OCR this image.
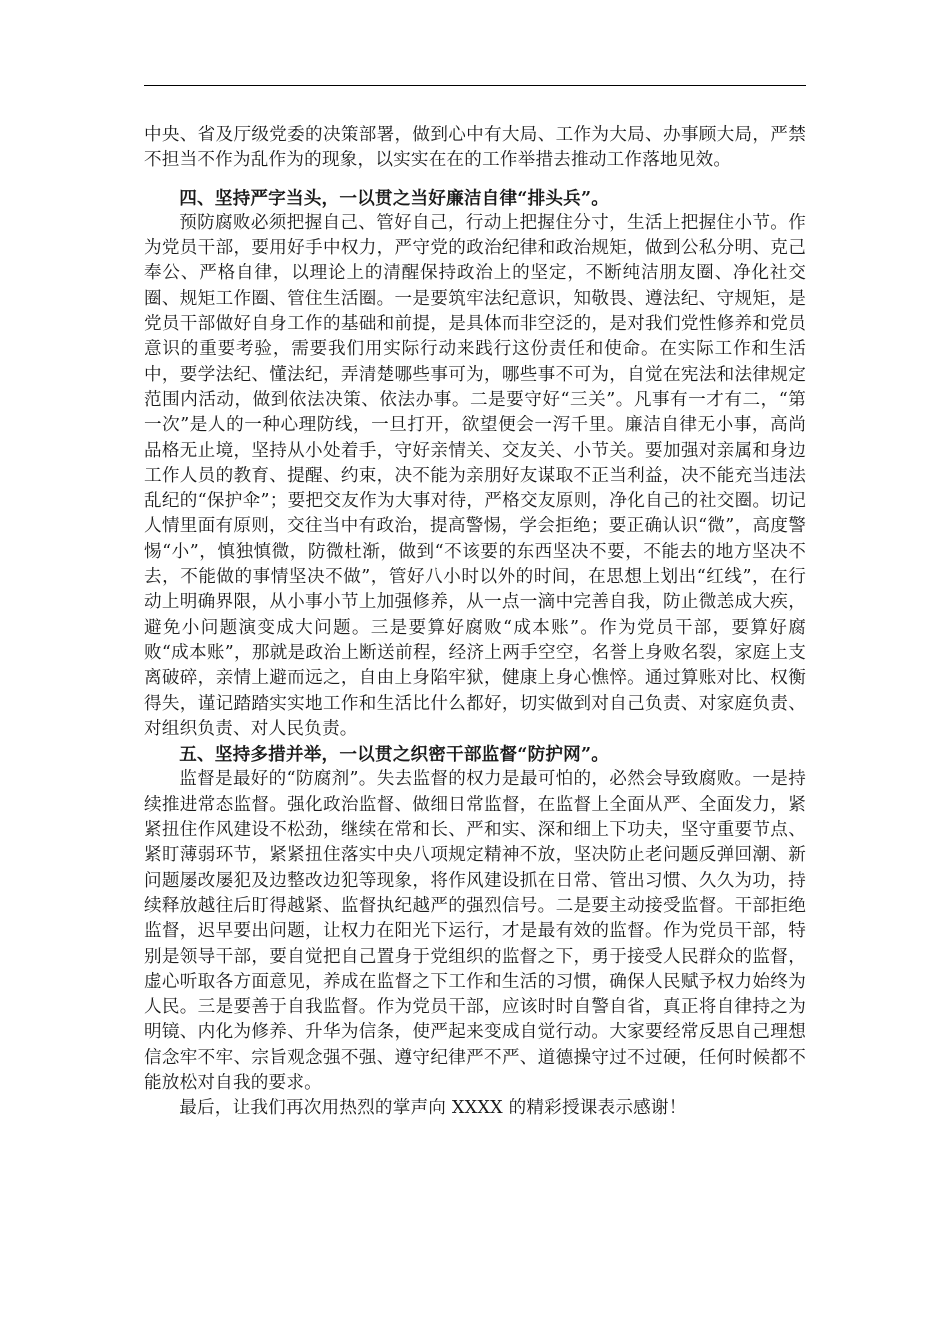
中央、省及厅级党委的决策部署，做到心中有大局、工作为大局、办事顾大局，严禁不担当不作为乱作为的现象，以实实在在的工作举措去推动工作落地见效。

四、坚持严字当头，一以贯之当好廉洁自律“排头兵”。

预防腐败必须把握自己、管好自己，行动上把握住分寸，生活上把握住小节。作为党员干部，要用好手中权力，严守党的政治纪律和政治规矩，做到公私分明、克己奉公、严格自律，以理论上的清醒保持政治上的坚定，不断纯洁朋友圈、净化社交圈、规矩工作圈、管住生活圈。一是要筑牢法纪意识，知敬畏、遵法纪、守规矩，是党员干部做好自身工作的基础和前提，是具体而非空泛的，是对我们党性修养和党员意识的重要考验，需要我们用实际行动来践行这份责任和使命。在实际工作和生活中，要学法纪、懂法纪，弄清楚哪些事可为，哪些事不可为，自觉在宪法和法律规定范围内活动，做到依法决策、依法办事。二是要守好“三关”。凡事有一才有二，“第一次”是人的一种心理防线，一旦打开，欲望便会一泻千里。廉洁自律无小事，高尚品格无止境，坚持从小处着手，守好亲情关、交友关、小节关。要加强对亲属和身边工作人员的教育、提醒、约束，决不能为亲朋好友谋取不正当利益，决不能充当违法乱纪的“保护伞”；要把交友作为大事对待，严格交友原则，净化自己的社交圈。切记人情里面有原则，交往当中有政治，提高警惕，学会拒绝；要正确认识“微”，高度警惕“小”，慎独慎微，防微杜渐，做到“不该要的东西坚决不要，不能去的地方坚决不去，不能做的事情坚决不做”，管好八小时以外的时间，在思想上划出“红线”，在行动上明确界限，从小事小节上加强修养，从一点一滴中完善自我，防止微恙成大疾，避免小问题演变成大问题。三是要算好腐败“成本账”。作为党员干部，要算好腐败“成本账”，那就是政治上断送前程，经济上两手空空，名誉上身败名裂，家庭上支离破碎，亲情上避而远之，自由上身陷牢狱，健康上身心憔悴。通过算账对比、权衡得失，谨记踏踏实实地工作和生活比什么都好，切实做到对自己负责、对家庭负责、对组织负责、对人民负责。

五、坚持多措并举，一以贯之织密干部监督“防护网”。

监督是最好的“防腐剂”。失去监督的权力是最可怕的，必然会导致腐败。一是持续推进常态监督。强化政治监督、做细日常监督，在监督上全面从严、全面发力，紧紧扭住作风建设不松劲，继续在常和长、严和实、深和细上下功夫，坚守重要节点、紧盯薄弱环节，紧紧扭住落实中央八项规定精神不放，坚决防止老问题反弹回潮、新问题屡改屡犯及边整改边犯等现象，将作风建设抓在日常、管出习惯、久久为功，持续释放越往后盯得越紧、监督执纪越严的强烈信号。二是要主动接受监督。干部拒绝监督，迟早要出问题，让权力在阳光下运行，才是最有效的监督。作为党员干部，特别是领导干部，要自觉把自己置身于党组织的监督之下，勇于接受人民群众的监督，虚心听取各方面意见，养成在监督之下工作和生活的习惯，确保人民赋予权力始终为人民。三是要善于自我监督。作为党员干部，应该时时自警自省，真正将自律持之为明镜、内化为修养、升华为信条，使严起来变成自觉行动。大家要经常反思自己理想信念牢不牢、宗旨观念强不强、遵守纪律严不严、道德操守过不过硬，任何时候都不能放松对自我的要求。

最后，让我们再次用热烈的掌声向 XXXX 的精彩授课表示感谢！
